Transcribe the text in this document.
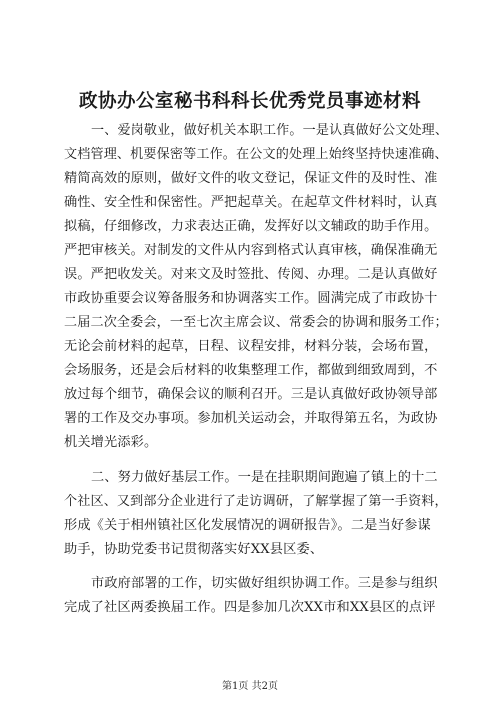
政协办公室秘书科科长优秀党员事迹材料
一、爱岗敬业，做好机关本职工作。一是认真做好公文处理、
文档管理、机要保密等工作。在公文的处理上始终坚持快速准确、
精简高效的原则，做好文件的收文登记，保证文件的及时性、准
确性、安全性和保密性。严把起草关。在起草文件材料时，认真
拟稿，仔细修改，力求表达正确，发挥好以文辅政的助手作用。
严把审核关。对制发的文件从内容到格式认真审核，确保准确无
误。严把收发关。对来文及时签批、传阅、办理。二是认真做好
市政协重要会议筹备服务和协调落实工作。圆满完成了市政协十
二届二次全委会，一至七次主席会议、常委会的协调和服务工作；
无论会前材料的起草，日程、议程安排，材料分装，会场布置，
会场服务，还是会后材料的收集整理工作，都做到细致周到，不
放过每个细节，确保会议的顺利召开。三是认真做好政协领导部
署的工作及交办事项。参加机关运动会，并取得第五名，为政协
机关增光添彩。
二、努力做好基层工作。一是在挂职期间跑遍了镇上的十二
个社区、又到部分企业进行了走访调研，了解掌握了第一手资料，
形成《关于相州镇社区化发展情况的调研报告》。二是当好参谋
助手，协助党委书记贯彻落实好XX县区委、
市政府部署的工作，切实做好组织协调工作。三是参与组织
完成了社区两委换届工作。四是参加几次XX市和XX县区的点评
第1页 共2页
